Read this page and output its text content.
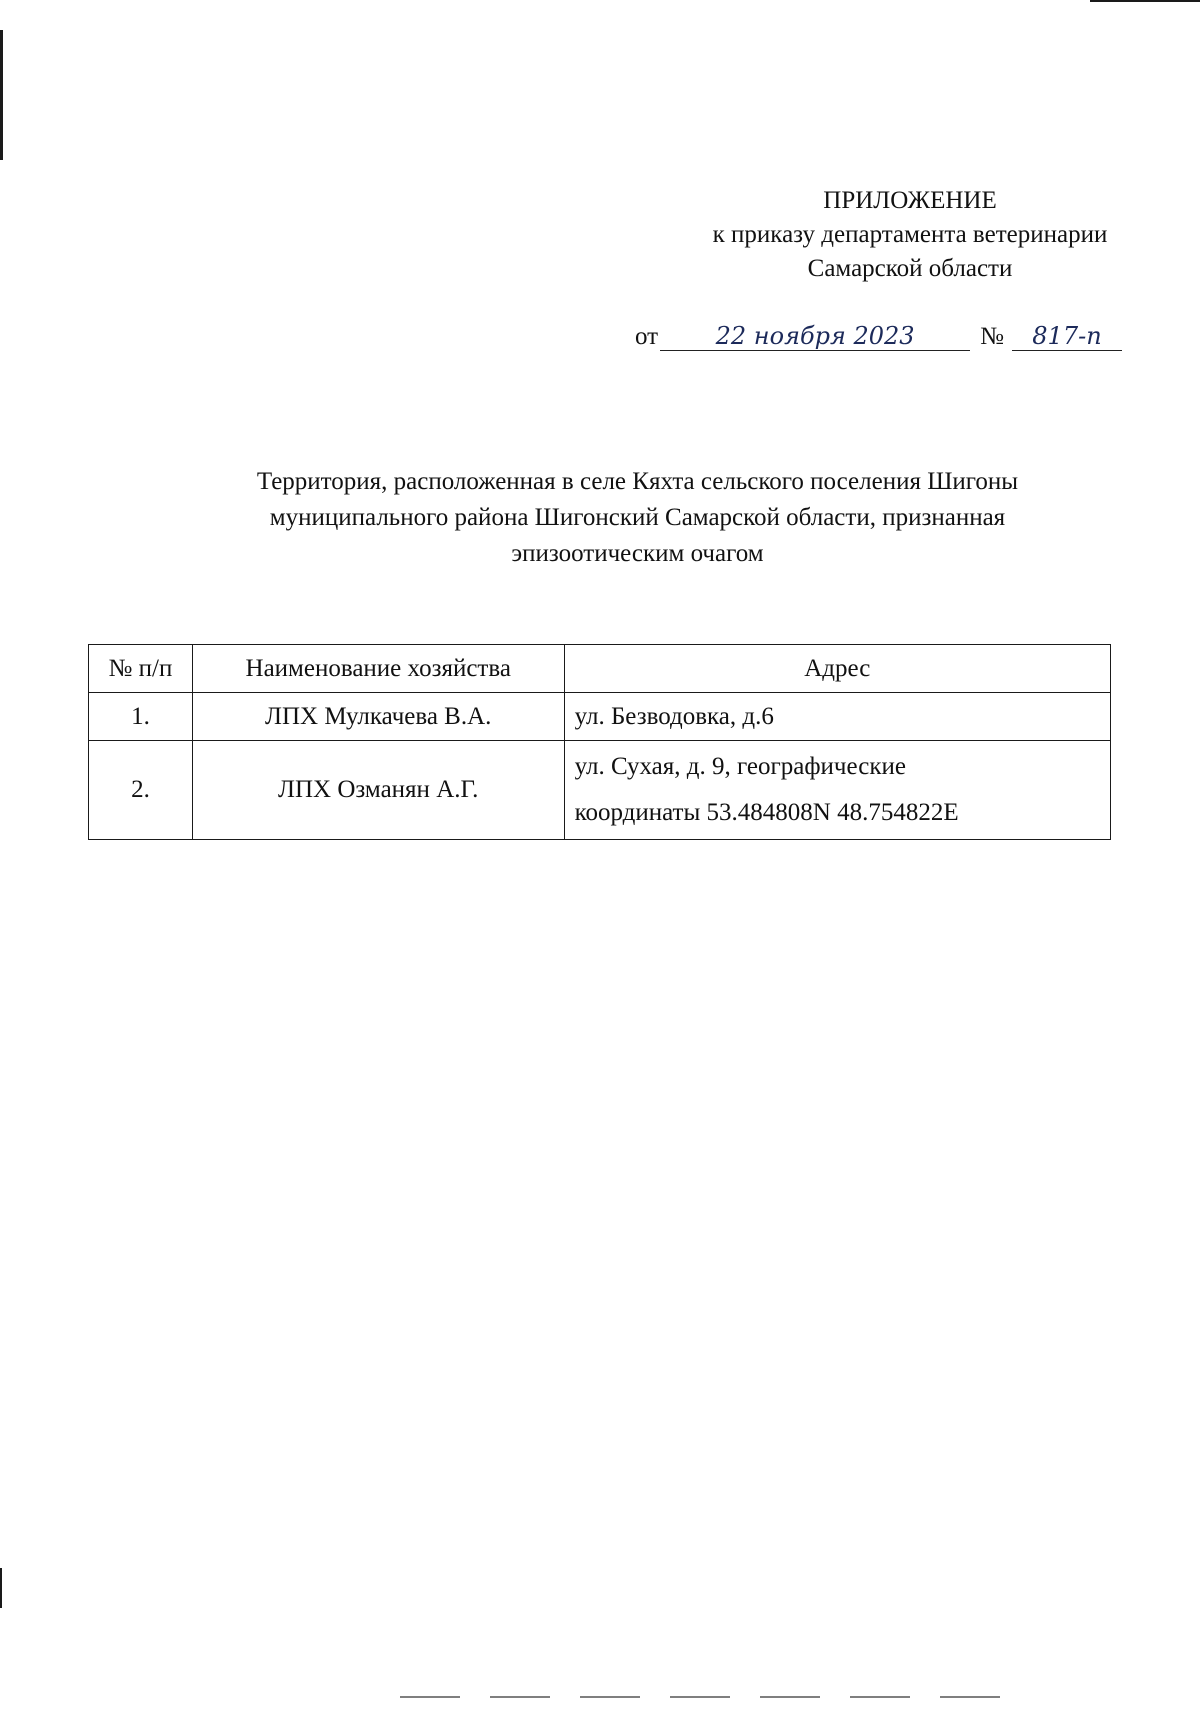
ПРИЛОЖЕНИЕ
к приказу департамента ветеринарии
Самарской области
от 22 ноября 2023	№ 817-п
Территория, расположенная в селе Кяхта сельского поселения Шигоны
муниципального района Шигонский Самарской области, признанная
эпизоотическим очагом
№ п/п	Наименование хозяйства	Адрес
1.	ЛПХ Мулкачева В.А.	ул. Безводовка, д.6

2.	ЛПХ Озманян А.Г.	ул. Сухая, д. 9, географические
координаты 53.484808N 48.754822E
